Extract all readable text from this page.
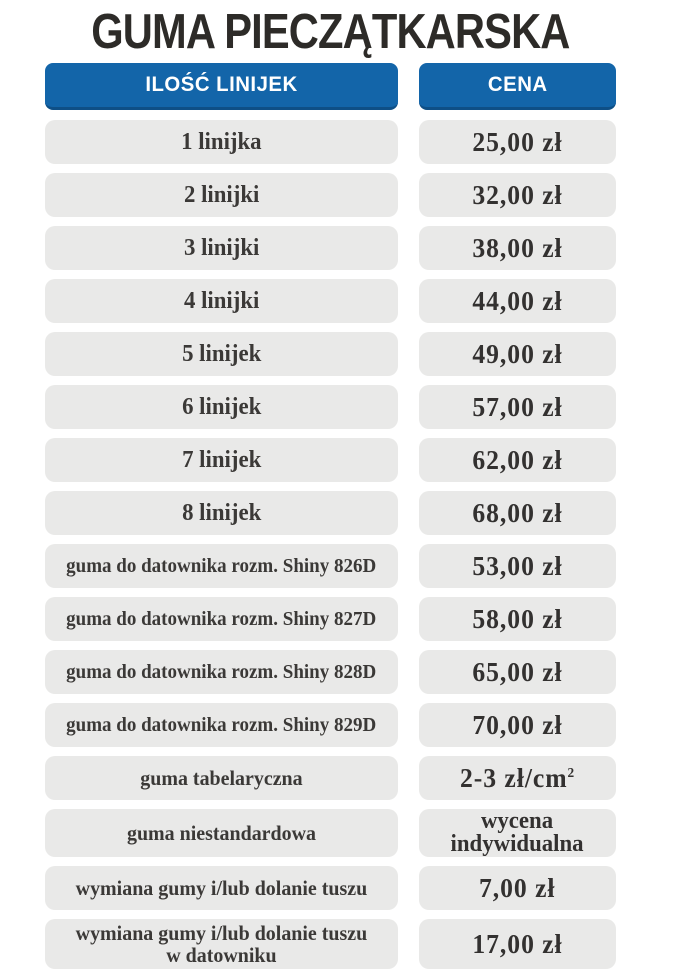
GUMA PIECZĄTKARSKA
ILOŚĆ LINIJEK	CENA
1 linijka	25,00 zł
2 linijki	32,00 zł
3 linijki	38,00 zł
4 linijki	44,00 zł
5 linijek	49,00 zł
6 linijek	57,00 zł
7 linijek	62,00 zł
8 linijek	68,00 zł
guma do datownika rozm. Shiny 826D	53,00 zł
guma do datownika rozm. Shiny 827D	58,00 zł
guma do datownika rozm. Shiny 828D	65,00 zł
guma do datownika rozm. Shiny 829D	70,00 zł
guma tabelaryczna	2-3 $zł/cm^2$
guma niestandardowa	wycena
indywidualna
wymiana gumy i/lub dolanie tuszu	7,00 zł
wymiana gumy i/lub dolanie tuszu
w datowniku	17,00 zł
